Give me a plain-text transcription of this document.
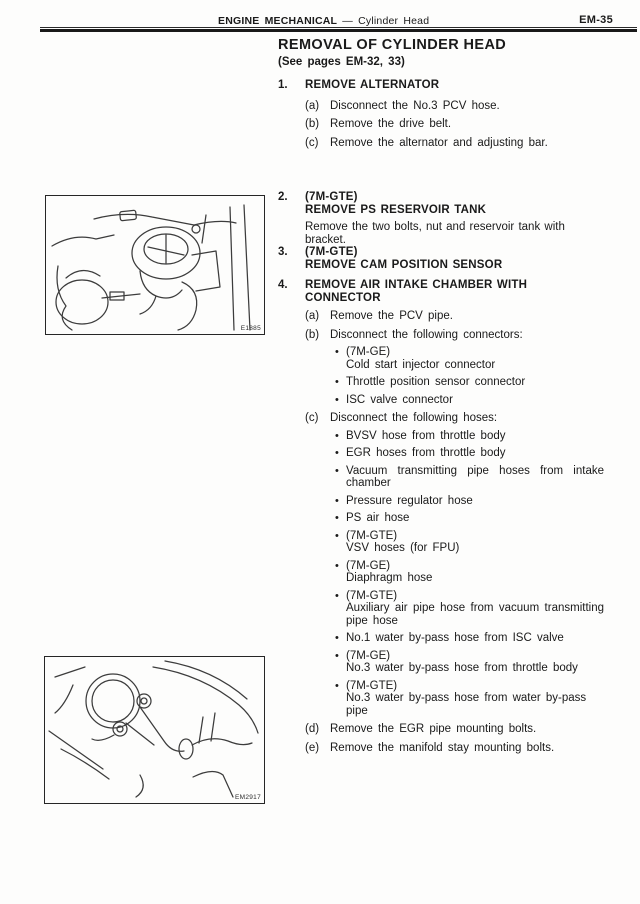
ENGINE MECHANICAL — Cylinder Head	EM-35
REMOVAL OF CYLINDER HEAD
(See pages EM-32, 33)
1.	REMOVE ALTERNATOR
(a) Disconnect the No.3 PCV hose.
(b) Remove the drive belt.
(c)	Remove the alternator and adjusting bar.
2.	(7M-GTE)
REMOVE PS RESERVOIR TANK
Remove the two bolts, nut and reservoir tank with bracket.
3.	(7M-GTE)
REMOVE CAM POSITION SENSOR
4.	REMOVE AIR INTAKE CHAMBER WITH CONNECTOR
(a) Remove the PCV pipe.
(b) Disconnect the following connectors:
• (7M-GE)
Cold start injector connector
• Throttle position sensor connector
• ISC valve connector
(c)	Disconnect the following hoses:
• BVSV hose from throttle body
• EGR hoses from throttle body
• Vacuum transmitting pipe hoses from intake chamber
• Pressure regulator hose
• PS air hose
• (7M-GTE)
VSV hoses (for FPU)
• (7M-GE)
Diaphragm hose
• (7M-GTE)
Auxiliary air pipe hose from vacuum transmitting pipe hose
• No.1 water by-pass hose from ISC valve
• (7M-GE)
No.3 water by-pass hose from throttle body
• (7M-GTE)
No.3 water by-pass hose from water by-pass pipe
(d) Remove the EGR pipe mounting bolts.
(e) Remove the manifold stay mounting bolts.
E1885
EM2917
